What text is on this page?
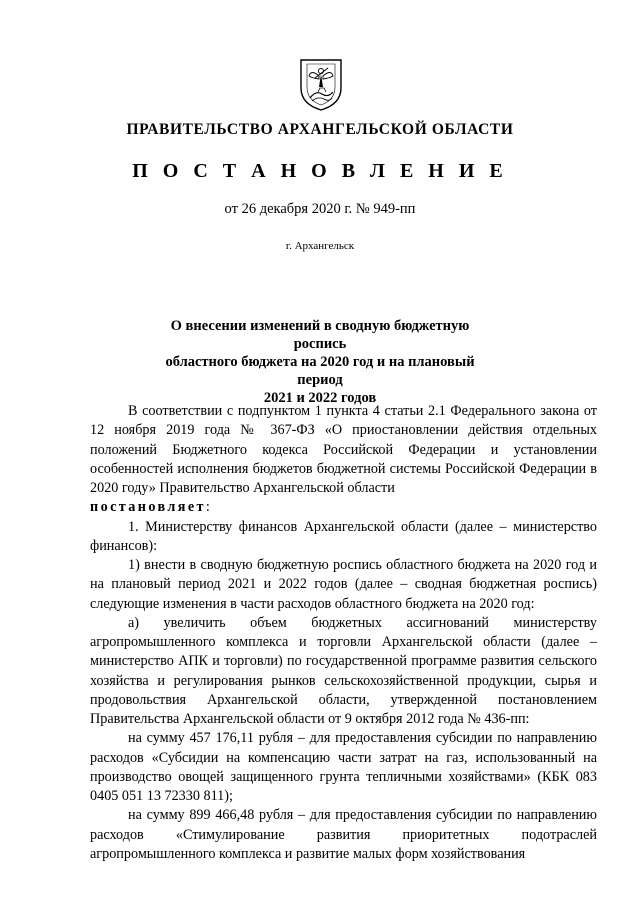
ПРАВИТЕЛЬСТВО АРХАНГЕЛЬСКОЙ ОБЛАСТИ
П О С Т А Н О В Л Е Н И Е
от 26 декабря 2020 г. № 949-пп
г. Архангельск
О внесении изменений в сводную бюджетную роспись
областного бюджета на 2020 год и на плановый период
2021 и 2022 годов

В соответствии с подпунктом 1 пункта 4 статьи 2.1 Федерального закона от 12 ноября 2019 года № 367-ФЗ «О приостановлении действия отдельных положений Бюджетного кодекса Российской Федерации и установлении особенностей исполнения бюджетов бюджетной системы Российской Федерации в 2020 году» Правительство Архангельской области
постановляет:

1. Министерству финансов Архангельской области (далее – министерство финансов):

1) внести в сводную бюджетную роспись областного бюджета на 2020 год и на плановый период 2021 и 2022 годов (далее – сводная бюджетная роспись) следующие изменения в части расходов областного бюджета на 2020 год:

а) увеличить объем бюджетных ассигнований министерству агропромышленного комплекса и торговли Архангельской области (далее – министерство АПК и торговли) по государственной программе развития сельского хозяйства и регулирования рынков сельскохозяйственной продукции, сырья и продовольствия Архангельской области, утвержденной постановлением Правительства Архангельской области от 9 октября 2012 года № 436-пп:

на сумму 457 176,11 рубля – для предоставления субсидии по направлению расходов «Субсидии на компенсацию части затрат на газ, использованный на производство овощей защищенного грунта тепличными хозяйствами» (КБК 083 0405 051 13 72330 811);

на сумму 899 466,48 рубля – для предоставления субсидии по направлению расходов «Стимулирование развития приоритетных подотраслей агропромышленного комплекса и развитие малых форм хозяйствования
